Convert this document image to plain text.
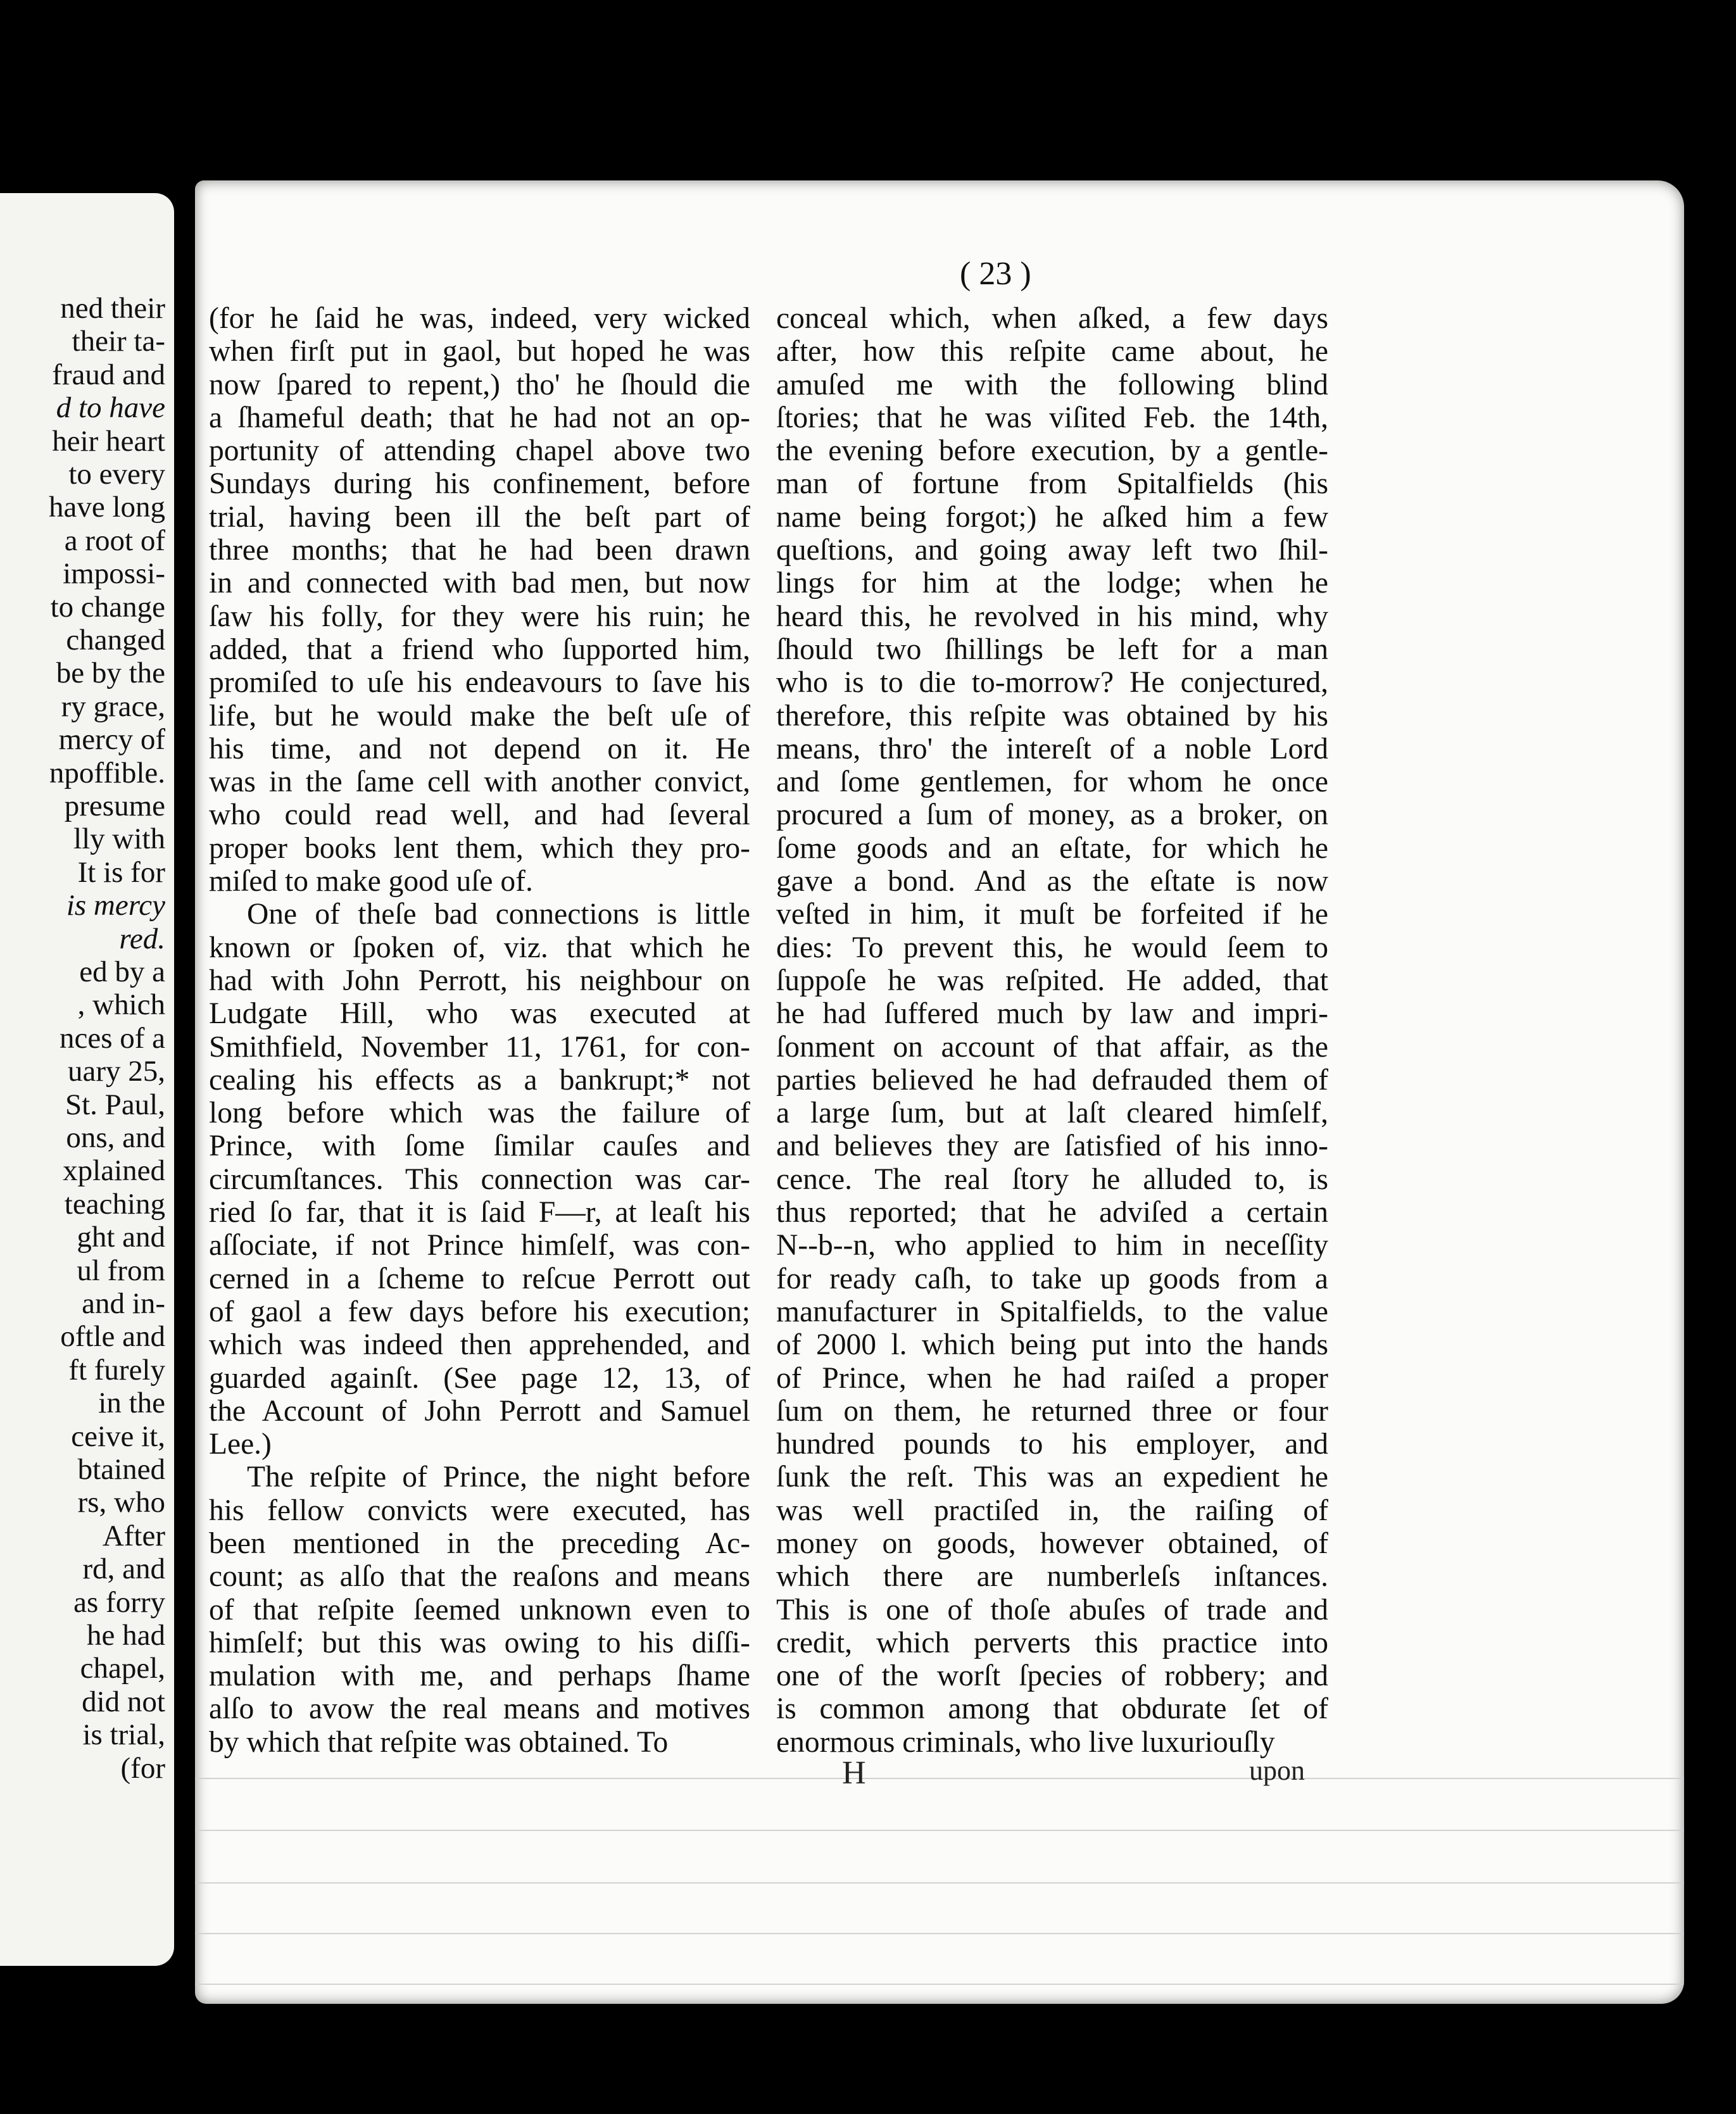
ned their
their ta-
fraud and
d to have
heir heart
to every
have long
a root of
impossi-
to change
changed
be by the
ry grace,
mercy of
npoffible.
presume
lly with
It is for
is mercy
red.
ed by a
, which
nces of a
uary 25,
St. Paul,
ons, and
xplained
teaching
ght and
ul from
and in-
oftle and
ft furely
in the
ceive it,
btained
rs, who
After
rd, and
as forry
he had
chapel,
did not
is trial,
(for
( 23 )
(for he ſaid he was, indeed, very wicked
when firſt put in gaol, but hoped he was
now ſpared to repent,) tho' he ſhould die
a ſhameful death; that he had not an op-
portunity of attending chapel above two
Sundays during his confinement, before
trial, having been ill the beſt part of
three months; that he had been drawn
in and connected with bad men, but now
ſaw his folly, for they were his ruin; he
added, that a friend who ſupported him,
promiſed to uſe his endeavours to ſave his
life, but he would make the beſt uſe of
his time, and not depend on it. He
was in the ſame cell with another convict,
who could read well, and had ſeveral
proper books lent them, which they pro-
miſed to make good uſe of.
One of theſe bad connections is little
known or ſpoken of, viz. that which he
had with John Perrott, his neighbour on
Ludgate Hill, who was executed at
Smithfield, November 11, 1761, for con-
cealing his effects as a bankrupt;* not
long before which was the failure of
Prince, with ſome ſimilar cauſes and
circumſtances. This connection was car-
ried ſo far, that it is ſaid F—r, at leaſt his
aſſociate, if not Prince himſelf, was con-
cerned in a ſcheme to reſcue Perrott out
of gaol a few days before his execution;
which was indeed then apprehended, and
guarded againſt. (See page 12, 13, of
the Account of John Perrott and Samuel
Lee.)
The reſpite of Prince, the night before
his fellow convicts were executed, has
been mentioned in the preceding Ac-
count; as alſo that the reaſons and means
of that reſpite ſeemed unknown even to
himſelf; but this was owing to his diſſi-
mulation with me, and perhaps ſhame
alſo to avow the real means and motives
by which that reſpite was obtained. To
conceal which, when aſked, a few days
after, how this reſpite came about, he
amuſed me with the following blind
ſtories; that he was viſited Feb. the 14th,
the evening before execution, by a gentle-
man of fortune from Spitalfields (his
name being forgot;) he aſked him a few
queſtions, and going away left two ſhil-
lings for him at the lodge; when he
heard this, he revolved in his mind, why
ſhould two ſhillings be left for a man
who is to die to-morrow? He conjectured,
therefore, this reſpite was obtained by his
means, thro' the intereſt of a noble Lord
and ſome gentlemen, for whom he once
procured a ſum of money, as a broker, on
ſome goods and an eſtate, for which he
gave a bond. And as the eſtate is now
veſted in him, it muſt be forfeited if he
dies: To prevent this, he would ſeem to
ſuppoſe he was reſpited. He added, that
he had ſuffered much by law and impri-
ſonment on account of that affair, as the
parties believed he had defrauded them of
a large ſum, but at laſt cleared himſelf,
and believes they are ſatisfied of his inno-
cence. The real ſtory he alluded to, is
thus reported; that he adviſed a certain
N--b--n, who applied to him in neceſſity
for ready caſh, to take up goods from a
manufacturer in Spitalfields, to the value
of 2000 l. which being put into the hands
of Prince, when he had raiſed a proper
ſum on them, he returned three or four
hundred pounds to his employer, and
ſunk the reſt. This was an expedient he
was well practiſed in, the raiſing of
money on goods, however obtained, of
which there are numberleſs inſtances.
This is one of thoſe abuſes of trade and
credit, which perverts this practice into
one of the worſt ſpecies of robbery; and
is common among that obdurate ſet of
enormous criminals, who live luxuriouſly
H	upon
